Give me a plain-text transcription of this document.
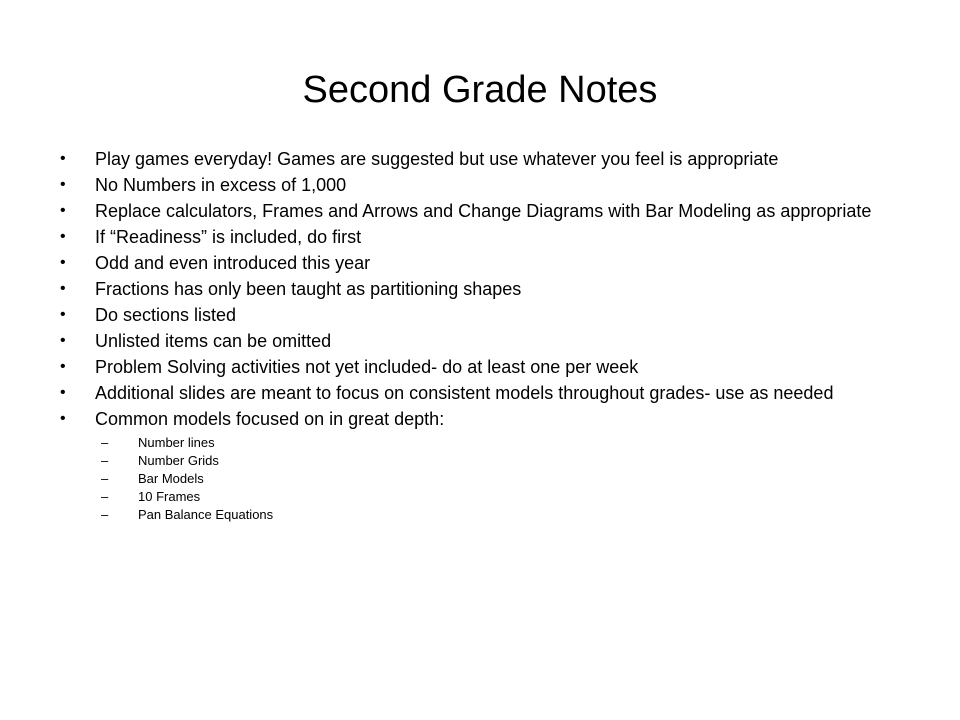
Second Grade Notes
• Play games everyday! Games are suggested but use whatever you feel is appropriate
• No Numbers in excess of 1,000
• Replace calculators, Frames and Arrows and Change Diagrams with Bar Modeling as appropriate
• If “Readiness” is included, do first
• Odd and even introduced this year
• Fractions has only been taught as partitioning shapes
• Do sections listed
• Unlisted items can be omitted
• Problem Solving activities not yet included- do at least one per week
• Additional slides are meant to focus on consistent models throughout grades- use as needed
• Common models focused on in great depth:
– Number lines
– Number Grids
– Bar Models
– 10 Frames
– Pan Balance Equations
